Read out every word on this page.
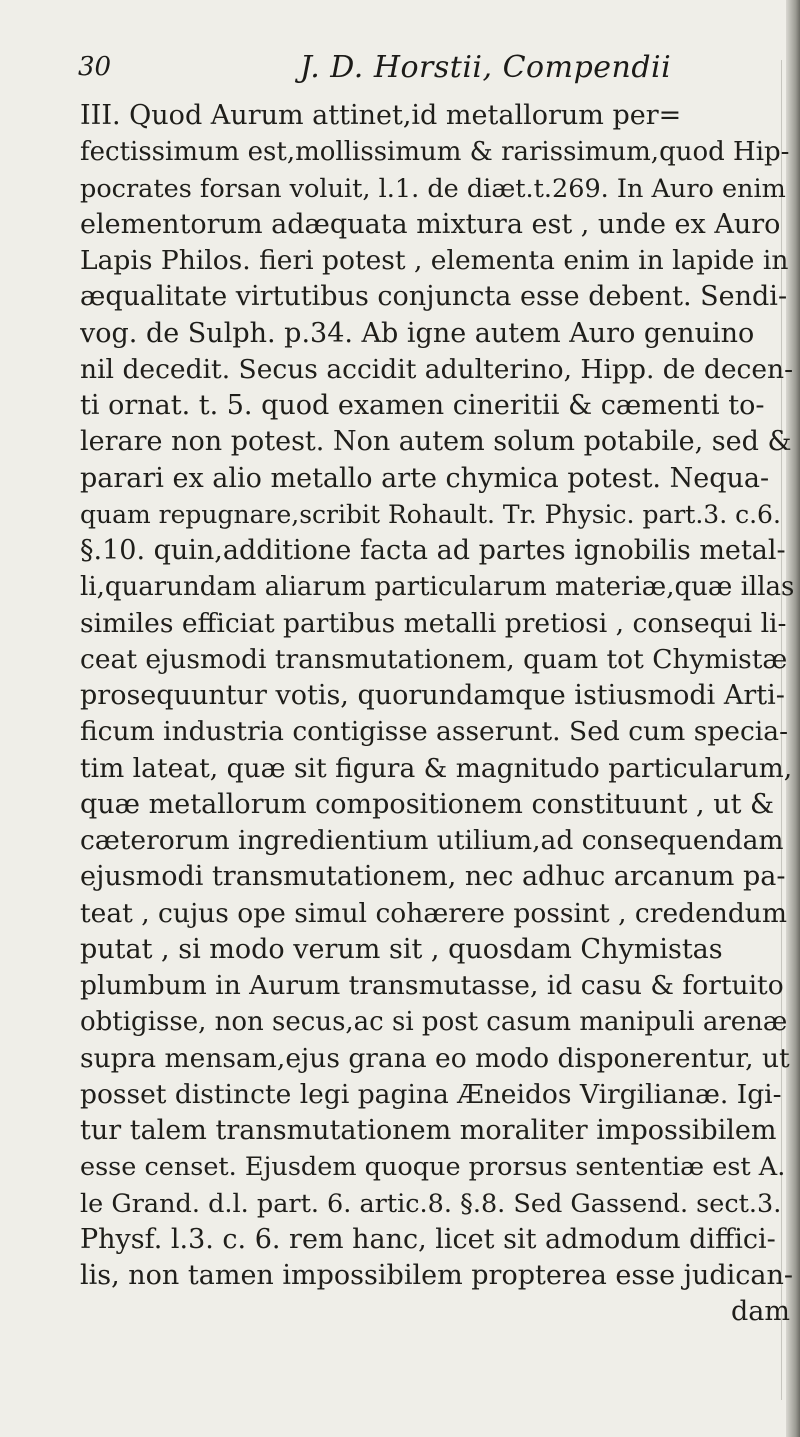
30	J. D. Horstii, Compendii
III. Quod Aurum attinet,id metallorum per=
fectissimum est,mollissimum & rarissimum,quod Hip-
pocrates forsan voluit, l.1. de diæt.t.269. In Auro enim
elementorum adæquata mixtura est , unde ex Auro
Lapis Philos. fieri potest , elementa enim in lapide in
æqualitate virtutibus conjuncta esse debent. Sendi-
vog. de Sulph. p.34. Ab igne autem Auro genuino
nil decedit. Secus accidit adulterino, Hipp. de decen-
ti ornat. t. 5. quod examen cineritii & cæmenti to-
lerare non potest. Non autem solum potabile, sed &
parari ex alio metallo arte chymica potest. Nequa-
quam repugnare,scribit Rohault. Tr. Physic. part.3. c.6.
§.10. quin,additione facta ad partes ignobilis metal-
li,quarundam aliarum particularum materiæ,quæ illas
similes efficiat partibus metalli pretiosi , consequi li-
ceat ejusmodi transmutationem, quam tot Chymistæ
prosequuntur votis, quorundamque istiusmodi Arti-
ficum industria contigisse asserunt. Sed cum specia-
tim lateat, quæ sit figura & magnitudo particularum,
quæ metallorum compositionem constituunt , ut &
cæterorum ingredientium utilium,ad consequendam
ejusmodi transmutationem, nec adhuc arcanum pa-
teat , cujus ope simul cohærere possint , credendum
putat , si modo verum sit , quosdam Chymistas
plumbum in Aurum transmutasse, id casu & fortuito
obtigisse, non secus,ac si post casum manipuli arenæ
supra mensam,ejus grana eo modo disponerentur, ut
posset distincte legi pagina Æneidos Virgilianæ. Igi-
tur talem transmutationem moraliter impossibilem
esse censet. Ejusdem quoque prorsus sententiæ est A.
le Grand. d.l. part. 6. artic.8. §.8. Sed Gassend. sect.3.
Physf. l.3. c. 6. rem hanc, licet sit admodum diffici-
lis, non tamen impossibilem propterea esse judican-
dam
